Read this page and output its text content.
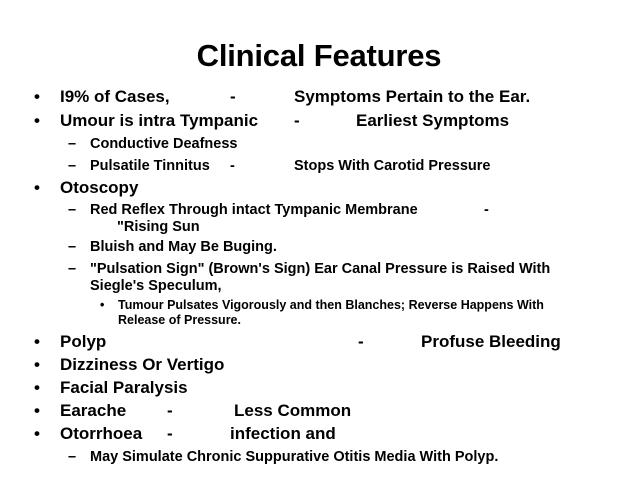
Clinical Features
• I9% of Cases,	-	Symptoms Pertain to the Ear.
• Umour is intra Tympanic -	Earliest Symptoms
– Conductive Deafness
– Pulsatile Tinnitus -	Stops With Carotid Pressure
• Otoscopy
– Red Reflex Through intact Tympanic Membrane	-
"Rising Sun
– Bluish and May Be Buging.
– "Pulsation Sign" (Brown's Sign) Ear Canal Pressure is Raised With
Siegle's Speculum,
• Tumour Pulsates Vigorously and then Blanches; Reverse Happens With
Release of Pressure.
• Polyp	-	Profuse Bleeding
• Dizziness Or Vertigo
• Facial Paralysis
• Earache -	Less Common
• Otorrhoea -	infection and
– May Simulate Chronic Suppurative Otitis Media With Polyp.
